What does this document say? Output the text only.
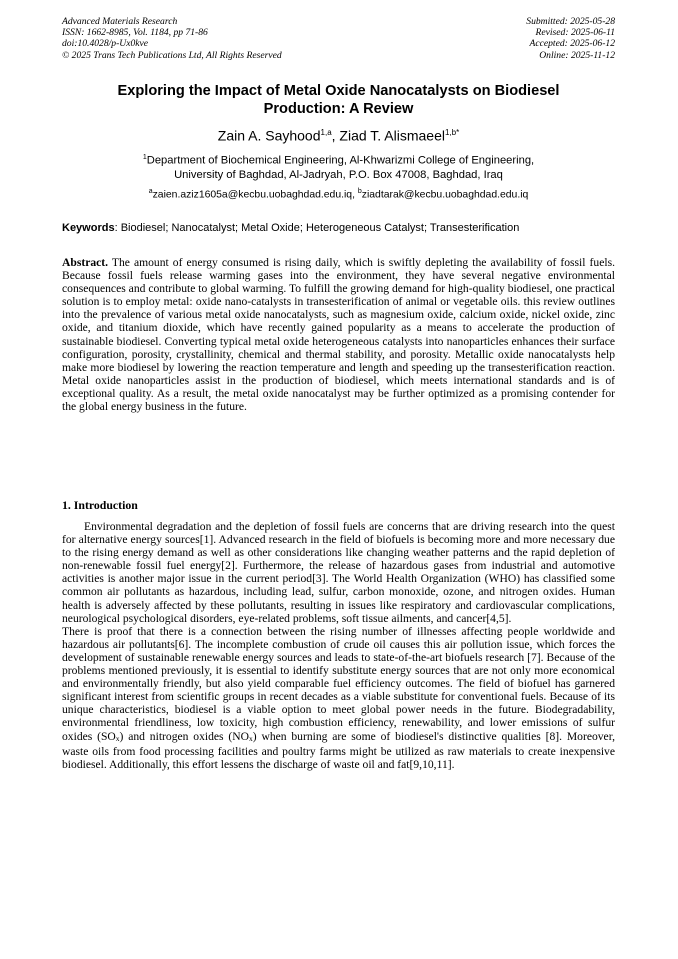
Advanced Materials Research
ISSN: 1662-8985, Vol. 1184, pp 71-86
doi:10.4028/p-Ux0kve
© 2025 Trans Tech Publications Ltd, All Rights Reserved
Submitted: 2025-05-28
Revised: 2025-06-11
Accepted: 2025-06-12
Online: 2025-11-12
Exploring the Impact of Metal Oxide Nanocatalysts on Biodiesel
Production: A Review
Zain A. Sayhood$^{1,a}$, Ziad T. Alismaeel$^{1,b*}$
$^1$Department of Biochemical Engineering, Al-Khwarizmi College of Engineering,
University of Baghdad, Al-Jadryah, P.O. Box 47008, Baghdad, Iraq
$^a$zaien.aziz1605a@kecbu.uobaghdad.edu.iq, $^b$ziadtarak@kecbu.uobaghdad.edu.iq
Keywords: Biodiesel; Nanocatalyst; Metal Oxide; Heterogeneous Catalyst; Transesterification
Abstract. The amount of energy consumed is rising daily, which is swiftly depleting the availability of fossil fuels. Because fossil fuels release warming gases into the environment, they have several negative environmental consequences and contribute to global warming. To fulfill the growing demand for high-quality biodiesel, one practical solution is to employ metal: oxide nano-catalysts in transesterification of animal or vegetable oils. this review outlines into the prevalence of various metal oxide nanocatalysts, such as magnesium oxide, calcium oxide, nickel oxide, zinc oxide, and titanium dioxide, which have recently gained popularity as a means to accelerate the production of sustainable biodiesel. Converting typical metal oxide heterogeneous catalysts into nanoparticles enhances their surface configuration, porosity, crystallinity, chemical and thermal stability, and porosity. Metallic oxide nanocatalysts help make more biodiesel by lowering the reaction temperature and length and speeding up the transesterification reaction. Metal oxide nanoparticles assist in the production of biodiesel, which meets international standards and is of exceptional quality. As a result, the metal oxide nanocatalyst may be further optimized as a promising contender for the global energy business in the future.
1. Introduction

Environmental degradation and the depletion of fossil fuels are concerns that are driving research into the quest for alternative energy sources[1]. Advanced research in the field of biofuels is becoming more and more necessary due to the rising energy demand as well as other considerations like changing weather patterns and the rapid depletion of non-renewable fossil fuel energy[2]. Furthermore, the release of hazardous gases from industrial and automotive activities is another major issue in the current period[3]. The World Health Organization (WHO) has classified some common air pollutants as hazardous, including lead, sulfur, carbon monoxide, ozone, and nitrogen oxides. Human health is adversely affected by these pollutants, resulting in issues like respiratory and cardiovascular complications, neurological psychological disorders, eye-related problems, soft tissue ailments, and cancer[4,5].

There is proof that there is a connection between the rising number of illnesses affecting people worldwide and hazardous air pollutants[6]. The incomplete combustion of crude oil causes this air pollution issue, which forces the development of sustainable renewable energy sources and leads to state-of-the-art biofuels research [7]. Because of the problems mentioned previously, it is essential to identify substitute energy sources that are not only more economical and environmentally friendly, but also yield comparable fuel efficiency outcomes. The field of biofuel has garnered significant interest from scientific groups in recent decades as a viable substitute for conventional fuels. Because of its unique characteristics, biodiesel is a viable option to meet global power needs in the future. Biodegradability, environmental friendliness, low toxicity, high combustion efficiency, renewability, and lower emissions of sulfur oxides (SOx) and nitrogen oxides (NOx) when burning are some of biodiesel's distinctive qualities [8]. Moreover, waste oils from food processing facilities and poultry farms might be utilized as raw materials to create inexpensive biodiesel. Additionally, this effort lessens the discharge of waste oil and fat[9,10,11].
